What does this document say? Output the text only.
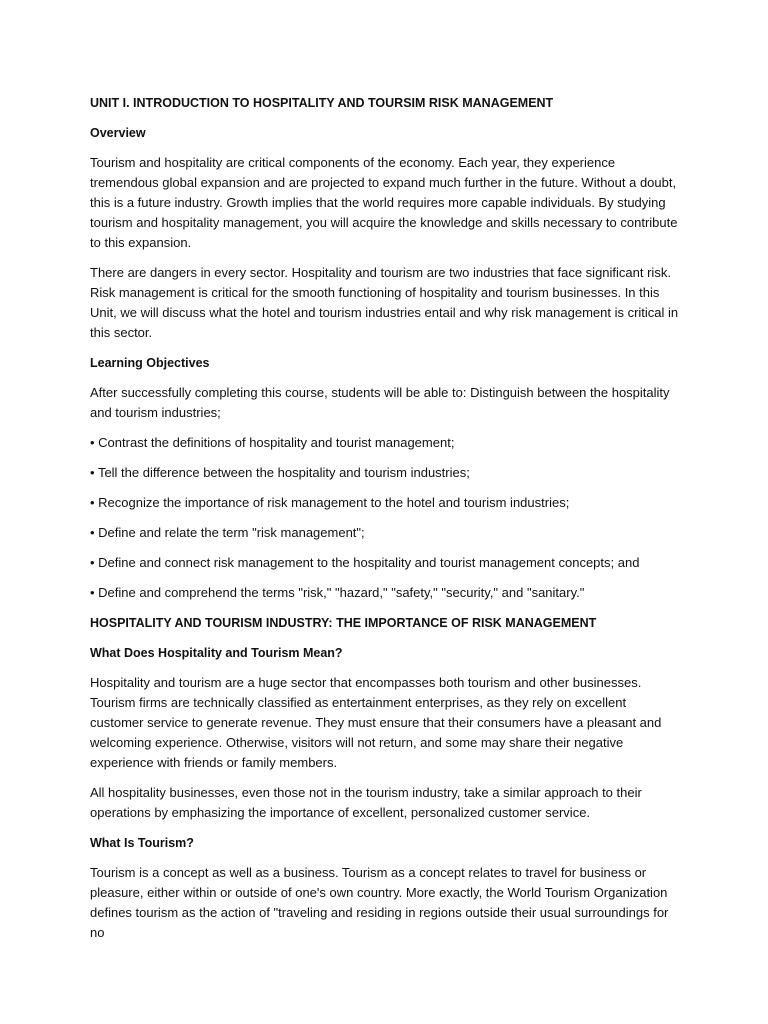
UNIT I. INTRODUCTION TO HOSPITALITY AND TOURSIM RISK MANAGEMENT

Overview

Tourism and hospitality are critical components of the economy. Each year, they experience tremendous global expansion and are projected to expand much further in the future. Without a doubt, this is a future industry. Growth implies that the world requires more capable individuals. By studying tourism and hospitality management, you will acquire the knowledge and skills necessary to contribute to this expansion.

There are dangers in every sector. Hospitality and tourism are two industries that face significant risk. Risk management is critical for the smooth functioning of hospitality and tourism businesses. In this Unit, we will discuss what the hotel and tourism industries entail and why risk management is critical in this sector.

Learning Objectives

After successfully completing this course, students will be able to: Distinguish between the hospitality and tourism industries;

• Contrast the definitions of hospitality and tourist management;

• Tell the difference between the hospitality and tourism industries;

• Recognize the importance of risk management to the hotel and tourism industries;

• Define and relate the term "risk management";

• Define and connect risk management to the hospitality and tourist management concepts; and

• Define and comprehend the terms "risk," "hazard," "safety," "security," and "sanitary."

HOSPITALITY AND TOURISM INDUSTRY: THE IMPORTANCE OF RISK MANAGEMENT

What Does Hospitality and Tourism Mean?

Hospitality and tourism are a huge sector that encompasses both tourism and other businesses. Tourism firms are technically classified as entertainment enterprises, as they rely on excellent customer service to generate revenue. They must ensure that their consumers have a pleasant and welcoming experience. Otherwise, visitors will not return, and some may share their negative experience with friends or family members.

All hospitality businesses, even those not in the tourism industry, take a similar approach to their operations by emphasizing the importance of excellent, personalized customer service.

What Is Tourism?

Tourism is a concept as well as a business. Tourism as a concept relates to travel for business or pleasure, either within or outside of one's own country. More exactly, the World Tourism Organization defines tourism as the action of "traveling and residing in regions outside their usual surroundings for no
